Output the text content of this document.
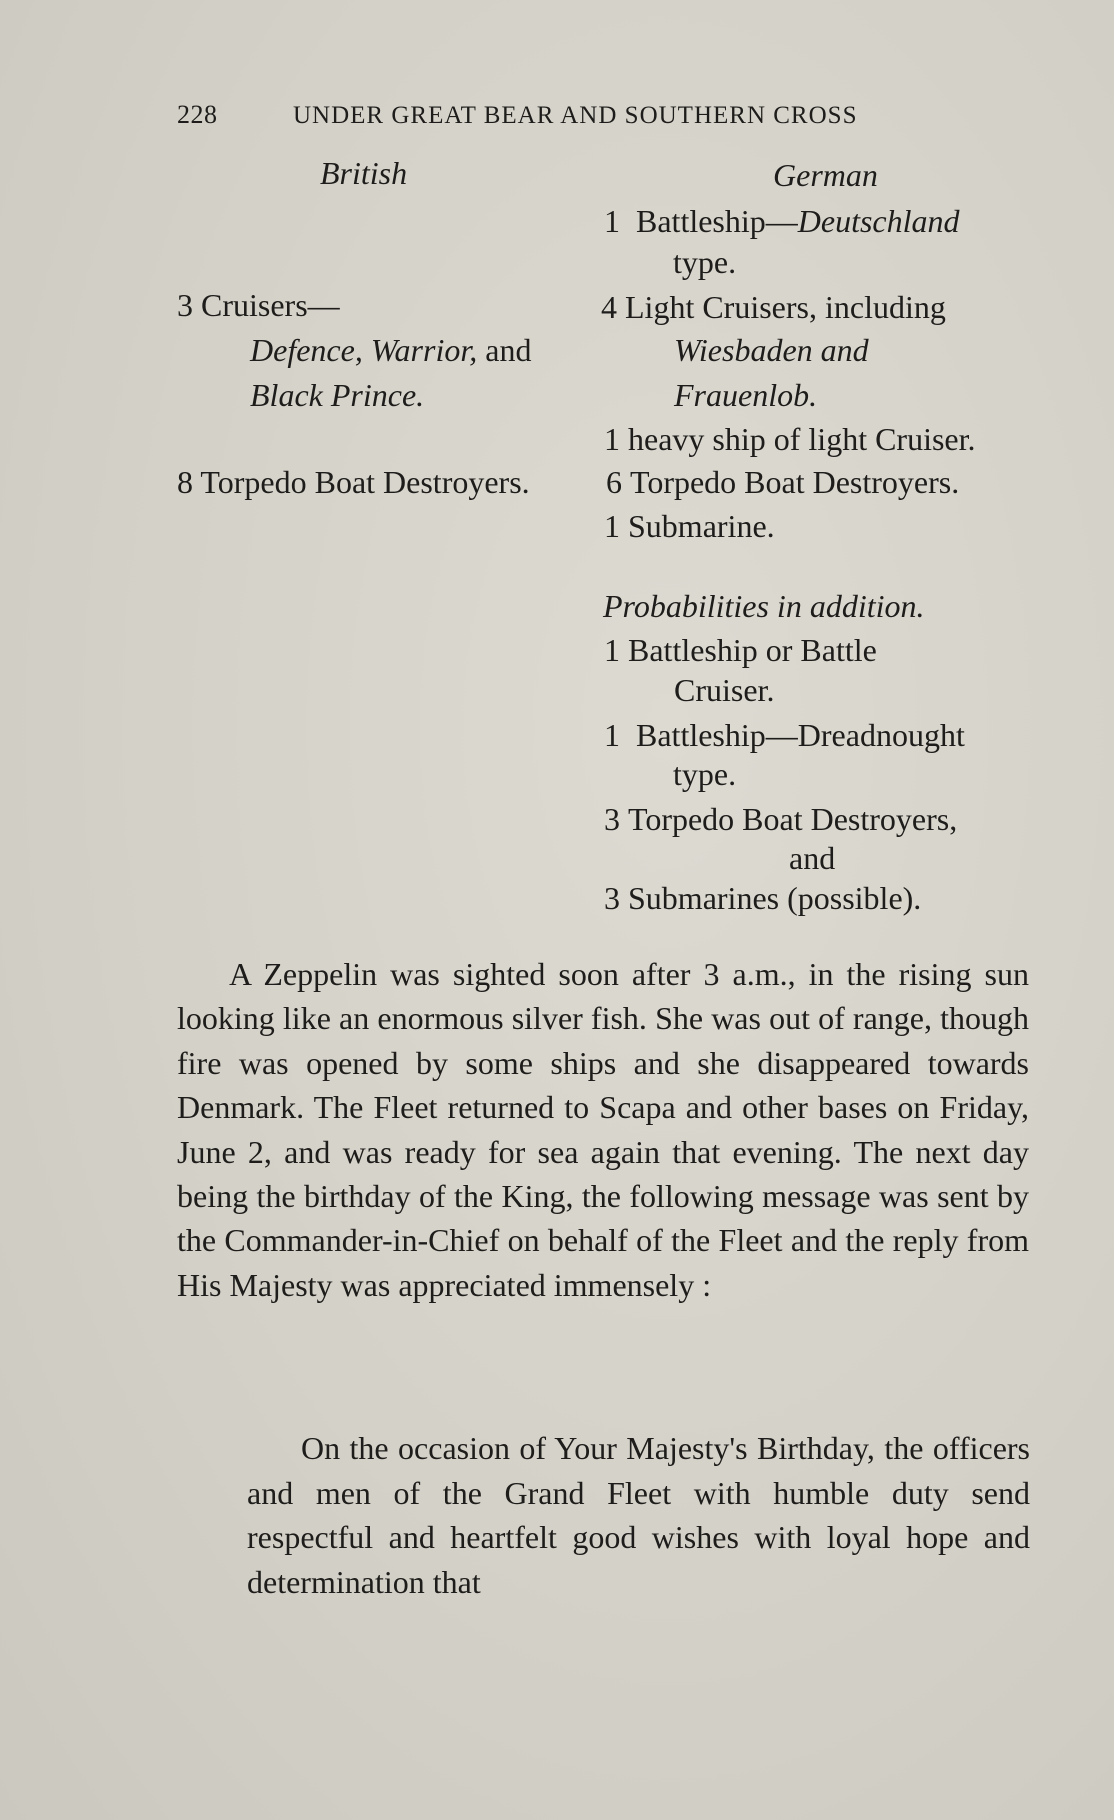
228	UNDER GREAT BEAR AND SOUTHERN CROSS
British	German
1 Battleship—Deutschland
type.
4 Light Cruisers, including
Wiesbaden and
Frauenlob.
1 heavy ship of light Cruiser.
6 Torpedo Boat Destroyers.
1 Submarine.
3 Cruisers—
Defence, Warrior, and
Black Prince.
8 Torpedo Boat Destroyers.
Probabilities in addition.
1 Battleship or Battle
Cruiser.
1 Battleship—Dreadnought
type.
3 Torpedo Boat Destroyers,
and
3 Submarines (possible).

A Zeppelin was sighted soon after 3 a.m., in the rising sun looking like an enormous silver fish. She was out of range, though fire was opened by some ships and she disappeared towards Denmark. The Fleet returned to Scapa and other bases on Friday, June 2, and was ready for sea again that evening. The next day being the birthday of the King, the following message was sent by the Commander-in-Chief on behalf of the Fleet and the reply from His Majesty was appreciated immensely :

On the occasion of Your Majesty's Birthday, the officers and men of the Grand Fleet with humble duty send respectful and heartfelt good wishes with loyal hope and determination that
